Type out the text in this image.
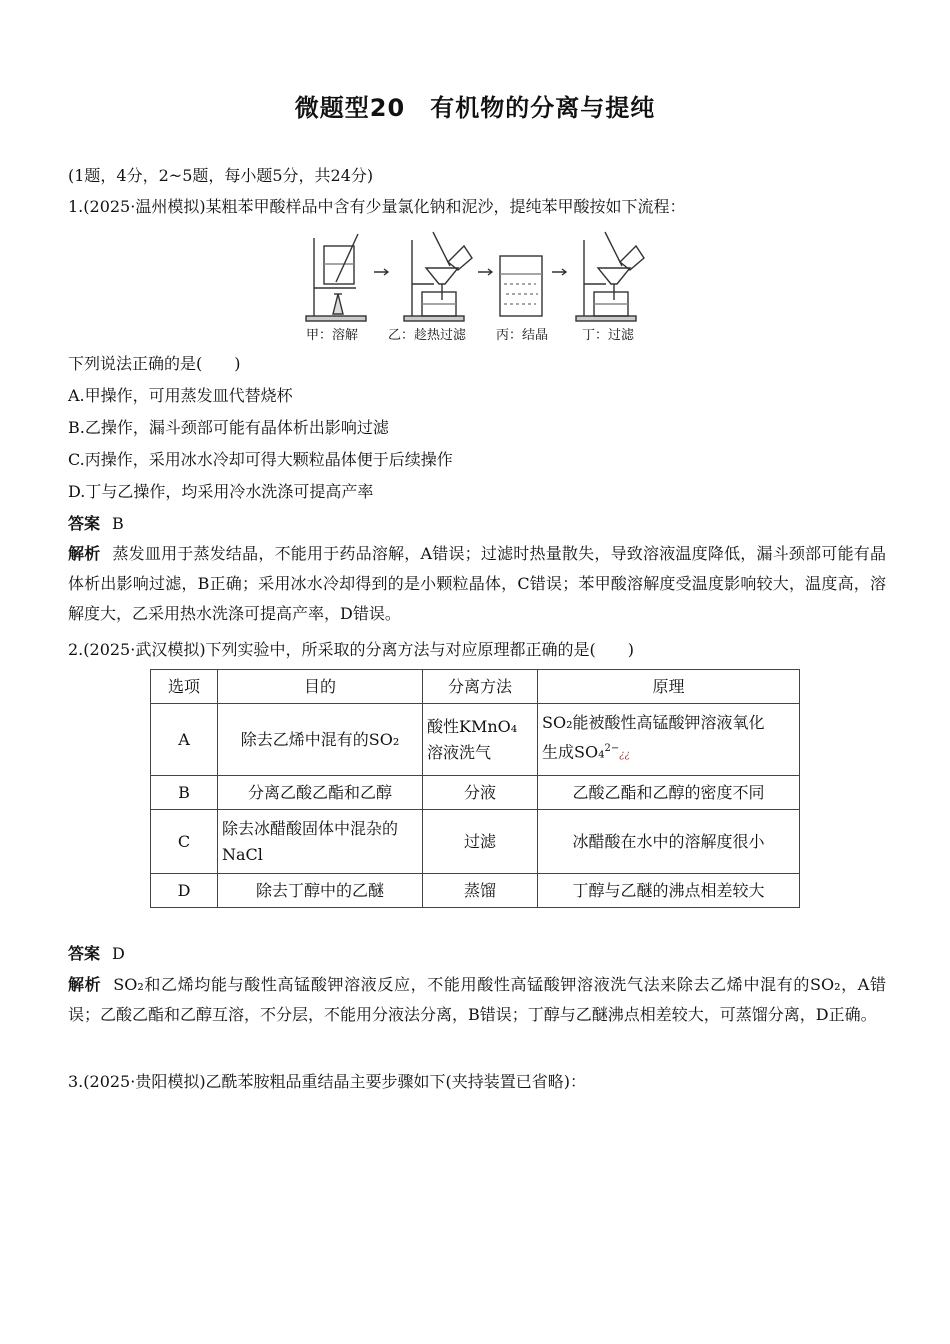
微题型20　有机物的分离与提纯
(1题，4分，2~5题，每小题5分，共24分)
1.(2025·温州模拟)某粗苯甲酸样品中含有少量氯化钠和泥沙，提纯苯甲酸按如下流程：
甲：溶解 乙：趁热过滤 丙：结晶	丁：过滤
下列说法正确的是(　　)
A.甲操作，可用蒸发皿代替烧杯
B.乙操作，漏斗颈部可能有晶体析出影响过滤
C.丙操作，采用冰水冷却可得大颗粒晶体便于后续操作
D.丁与乙操作，均采用冷水洗涤可提高产率
答案 B
解析 蒸发皿用于蒸发结晶，不能用于药品溶解，A错误；过滤时热量散失，导致溶液温度降低，漏斗颈部可能有晶体析出影响过滤，B正确；采用冰水冷却得到的是小颗粒晶体，C错误；苯甲酸溶解度受温度影响较大，温度高，溶解度大，乙采用热水洗涤可提高产率，D错误。
2.(2025·武汉模拟)下列实验中，所采取的分离方法与对应原理都正确的是(　　)
选项	目的	分离方法	原理
A	除去乙烯中混有的SO₂	酸性KMnO₄
溶液洗气	SO₂能被酸性高锰酸钾溶液氧化
生成SO₄$^{2-}$¿¿
B	分离乙酸乙酯和乙醇	分液	乙酸乙酯和乙醇的密度不同
C	除去冰醋酸固体中混杂的
NaCl	过滤	冰醋酸在水中的溶解度很小
D	除去丁醇中的乙醚	蒸馏	丁醇与乙醚的沸点相差较大
答案 D
解析 SO₂和乙烯均能与酸性高锰酸钾溶液反应，不能用酸性高锰酸钾溶液洗气法来除去乙烯中混有的SO₂，A错误；乙酸乙酯和乙醇互溶，不分层，不能用分液法分离，B错误；丁醇与乙醚沸点相差较大，可蒸馏分离，D正确。
3.(2025·贵阳模拟)乙酰苯胺粗品重结晶主要步骤如下(夹持装置已省略)：
